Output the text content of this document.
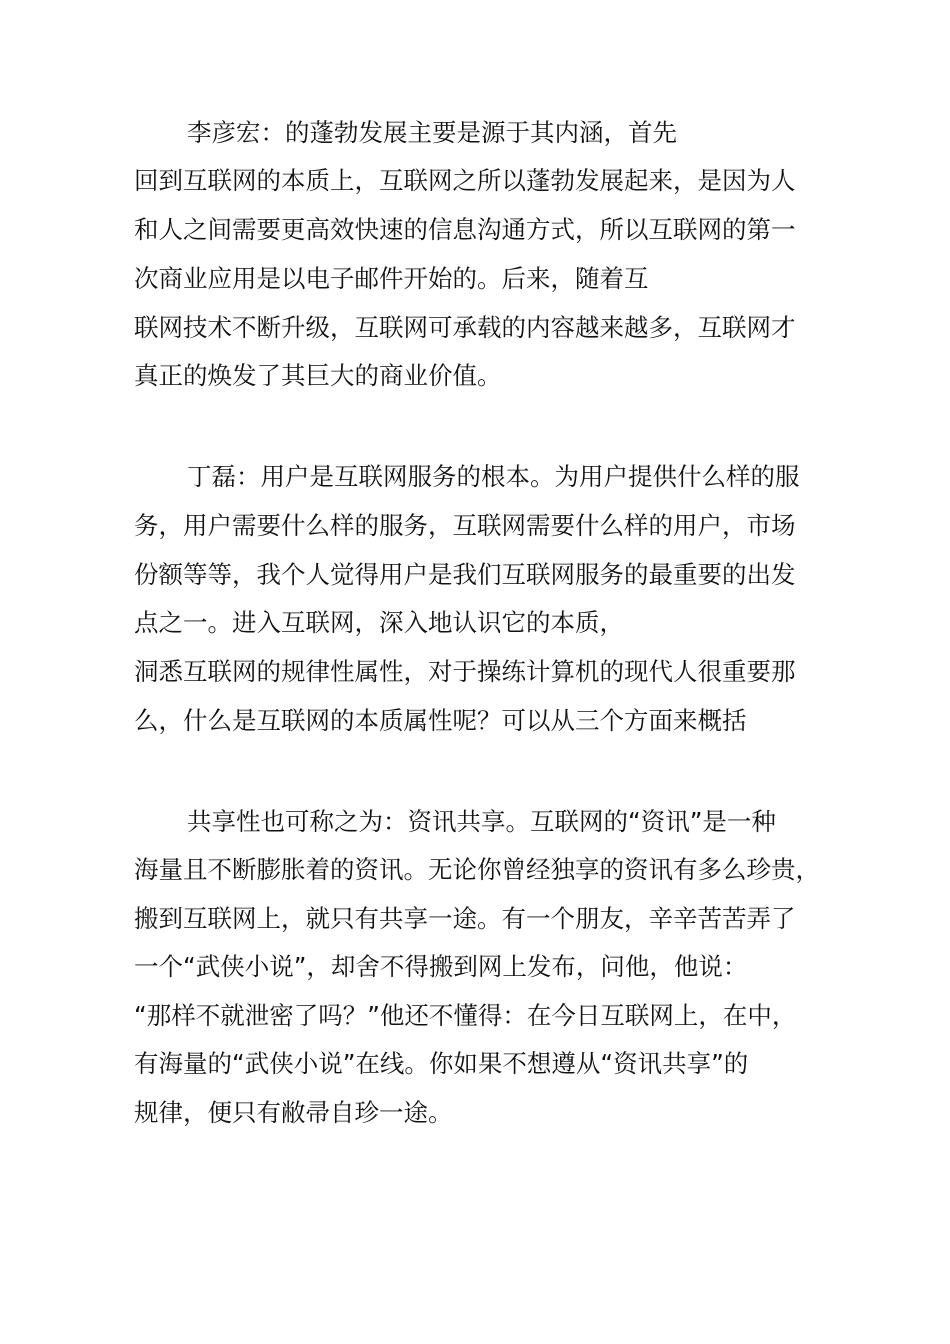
李彦宏：的蓬勃发展主要是源于其内涵，首先
回到互联网的本质上，互联网之所以蓬勃发展起来，是因为人
和人之间需要更高效快速的信息沟通方式，所以互联网的第一
次商业应用是以电子邮件开始的。后来，随着互
联网技术不断升级，互联网可承载的内容越来越多，互联网才
真正的焕发了其巨大的商业价值。
丁磊：用户是互联网服务的根本。为用户提供什么样的服
务，用户需要什么样的服务，互联网需要什么样的用户，市场
份额等等，我个人觉得用户是我们互联网服务的最重要的出发
点之一。进入互联网，深入地认识它的本质，
洞悉互联网的规律性属性，对于操练计算机的现代人很重要那
么，什么是互联网的本质属性呢？可以从三个方面来概括
共享性也可称之为：资讯共享。互联网的“资讯”是一种
海量且不断膨胀着的资讯。无论你曾经独享的资讯有多么珍贵，
搬到互联网上，就只有共享一途。有一个朋友，辛辛苦苦弄了
一个“武侠小说”，却舍不得搬到网上发布，问他，他说：
“那样不就泄密了吗？”他还不懂得：在今日互联网上，在中，
有海量的“武侠小说”在线。你如果不想遵从“资讯共享”的
规律，便只有敝帚自珍一途。
